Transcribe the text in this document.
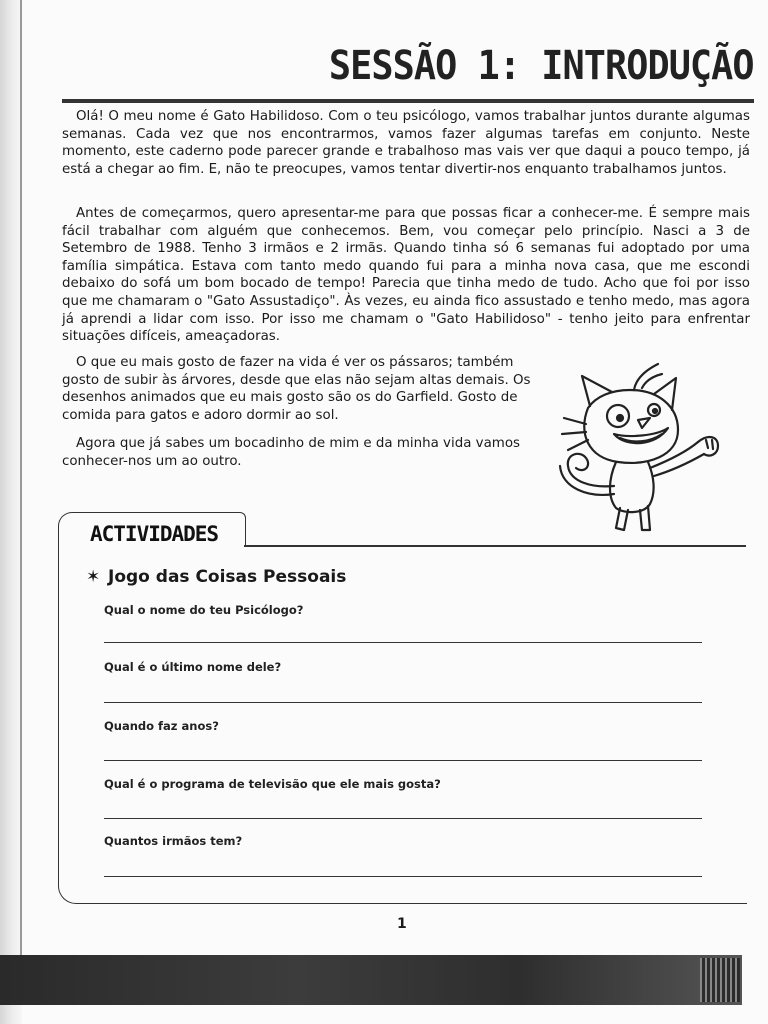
SESSÃO 1: INTRODUÇÃO

Olá! O meu nome é Gato Habilidoso. Com o teu psicólogo, vamos trabalhar juntos durante algumas semanas. Cada vez que nos encontrarmos, vamos fazer algumas tarefas em conjunto. Neste momento, este caderno pode parecer grande e trabalhoso mas vais ver que daqui a pouco tempo, já está a chegar ao fim. E, não te preocupes, vamos tentar divertir-nos enquanto trabalhamos juntos.

Antes de começarmos, quero apresentar-me para que possas ficar a conhecer-me. É sempre mais fácil trabalhar com alguém que conhecemos. Bem, vou começar pelo princípio. Nasci a 3 de Setembro de 1988. Tenho 3 irmãos e 2 irmãs. Quando tinha só 6 semanas fui adoptado por uma família simpática. Estava com tanto medo quando fui para a minha nova casa, que me escondi debaixo do sofá um bom bocado de tempo! Parecia que tinha medo de tudo. Acho que foi por isso que me chamaram o "Gato Assustadiço". Às vezes, eu ainda fico assustado e tenho medo, mas agora já aprendi a lidar com isso. Por isso me chamam o "Gato Habilidoso" - tenho jeito para enfrentar situações difíceis, ameaçadoras.

O que eu mais gosto de fazer na vida é ver os pássaros; também gosto de subir às árvores, desde que elas não sejam altas demais. Os desenhos animados que eu mais gosto são os do Garfield. Gosto de comida para gatos e adoro dormir ao sol.

Agora que já sabes um bocadinho de mim e da minha vida vamos conhecer-nos um ao outro.

ACTIVIDADES
✶ Jogo das Coisas Pessoais
Qual o nome do teu Psicólogo?
Qual é o último nome dele?
Quando faz anos?
Qual é o programa de televisão que ele mais gosta?
Quantos irmãos tem?
1
